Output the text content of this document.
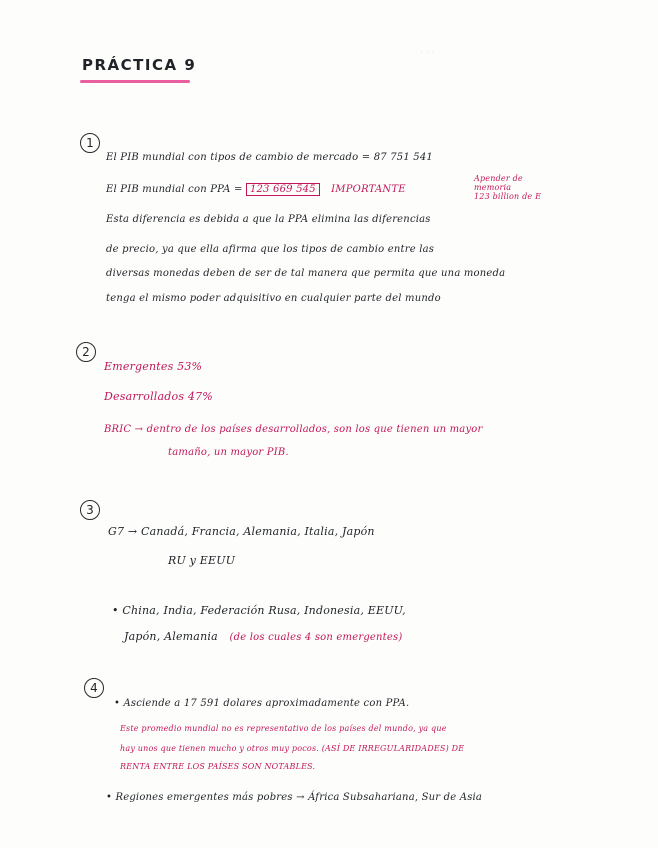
· · ·
PRÁCTICA 9
1
El PIB mundial con tipos de cambio de mercado = 87 751 541
El PIB mundial con PPA = 123 669 545 IMPORTANTE
Apender de
memoria
123 billion de E
Esta diferencia es debida a que la PPA elimina las diferencias
de precio, ya que ella afirma que los tipos de cambio entre las
diversas monedas deben de ser de tal manera que permita que una moneda
tenga el mismo poder adquisitivo en cualquier parte del mundo
2
Emergentes 53%
Desarrollados 47%
BRIC → dentro de los países desarrollados, son los que tienen un mayor
tamaño, un mayor PIB.
3
G7 → Canadá, Francia, Alemania, Italia, Japón
RU y EEUU
• China, India, Federación Rusa, Indonesia, EEUU,
Japón, Alemania (de los cuales 4 son emergentes)
4
• Asciende a 17 591 dolares aproximadamente con PPA.
Este promedio mundial no es representativo de los países del mundo, ya que
hay unos que tienen mucho y otros muy pocos. (ASÍ DE IRREGULARIDADES) DE
RENTA ENTRE LOS PAÍSES SON NOTABLES.
• Regiones emergentes más pobres → África Subsahariana, Sur de Asia
